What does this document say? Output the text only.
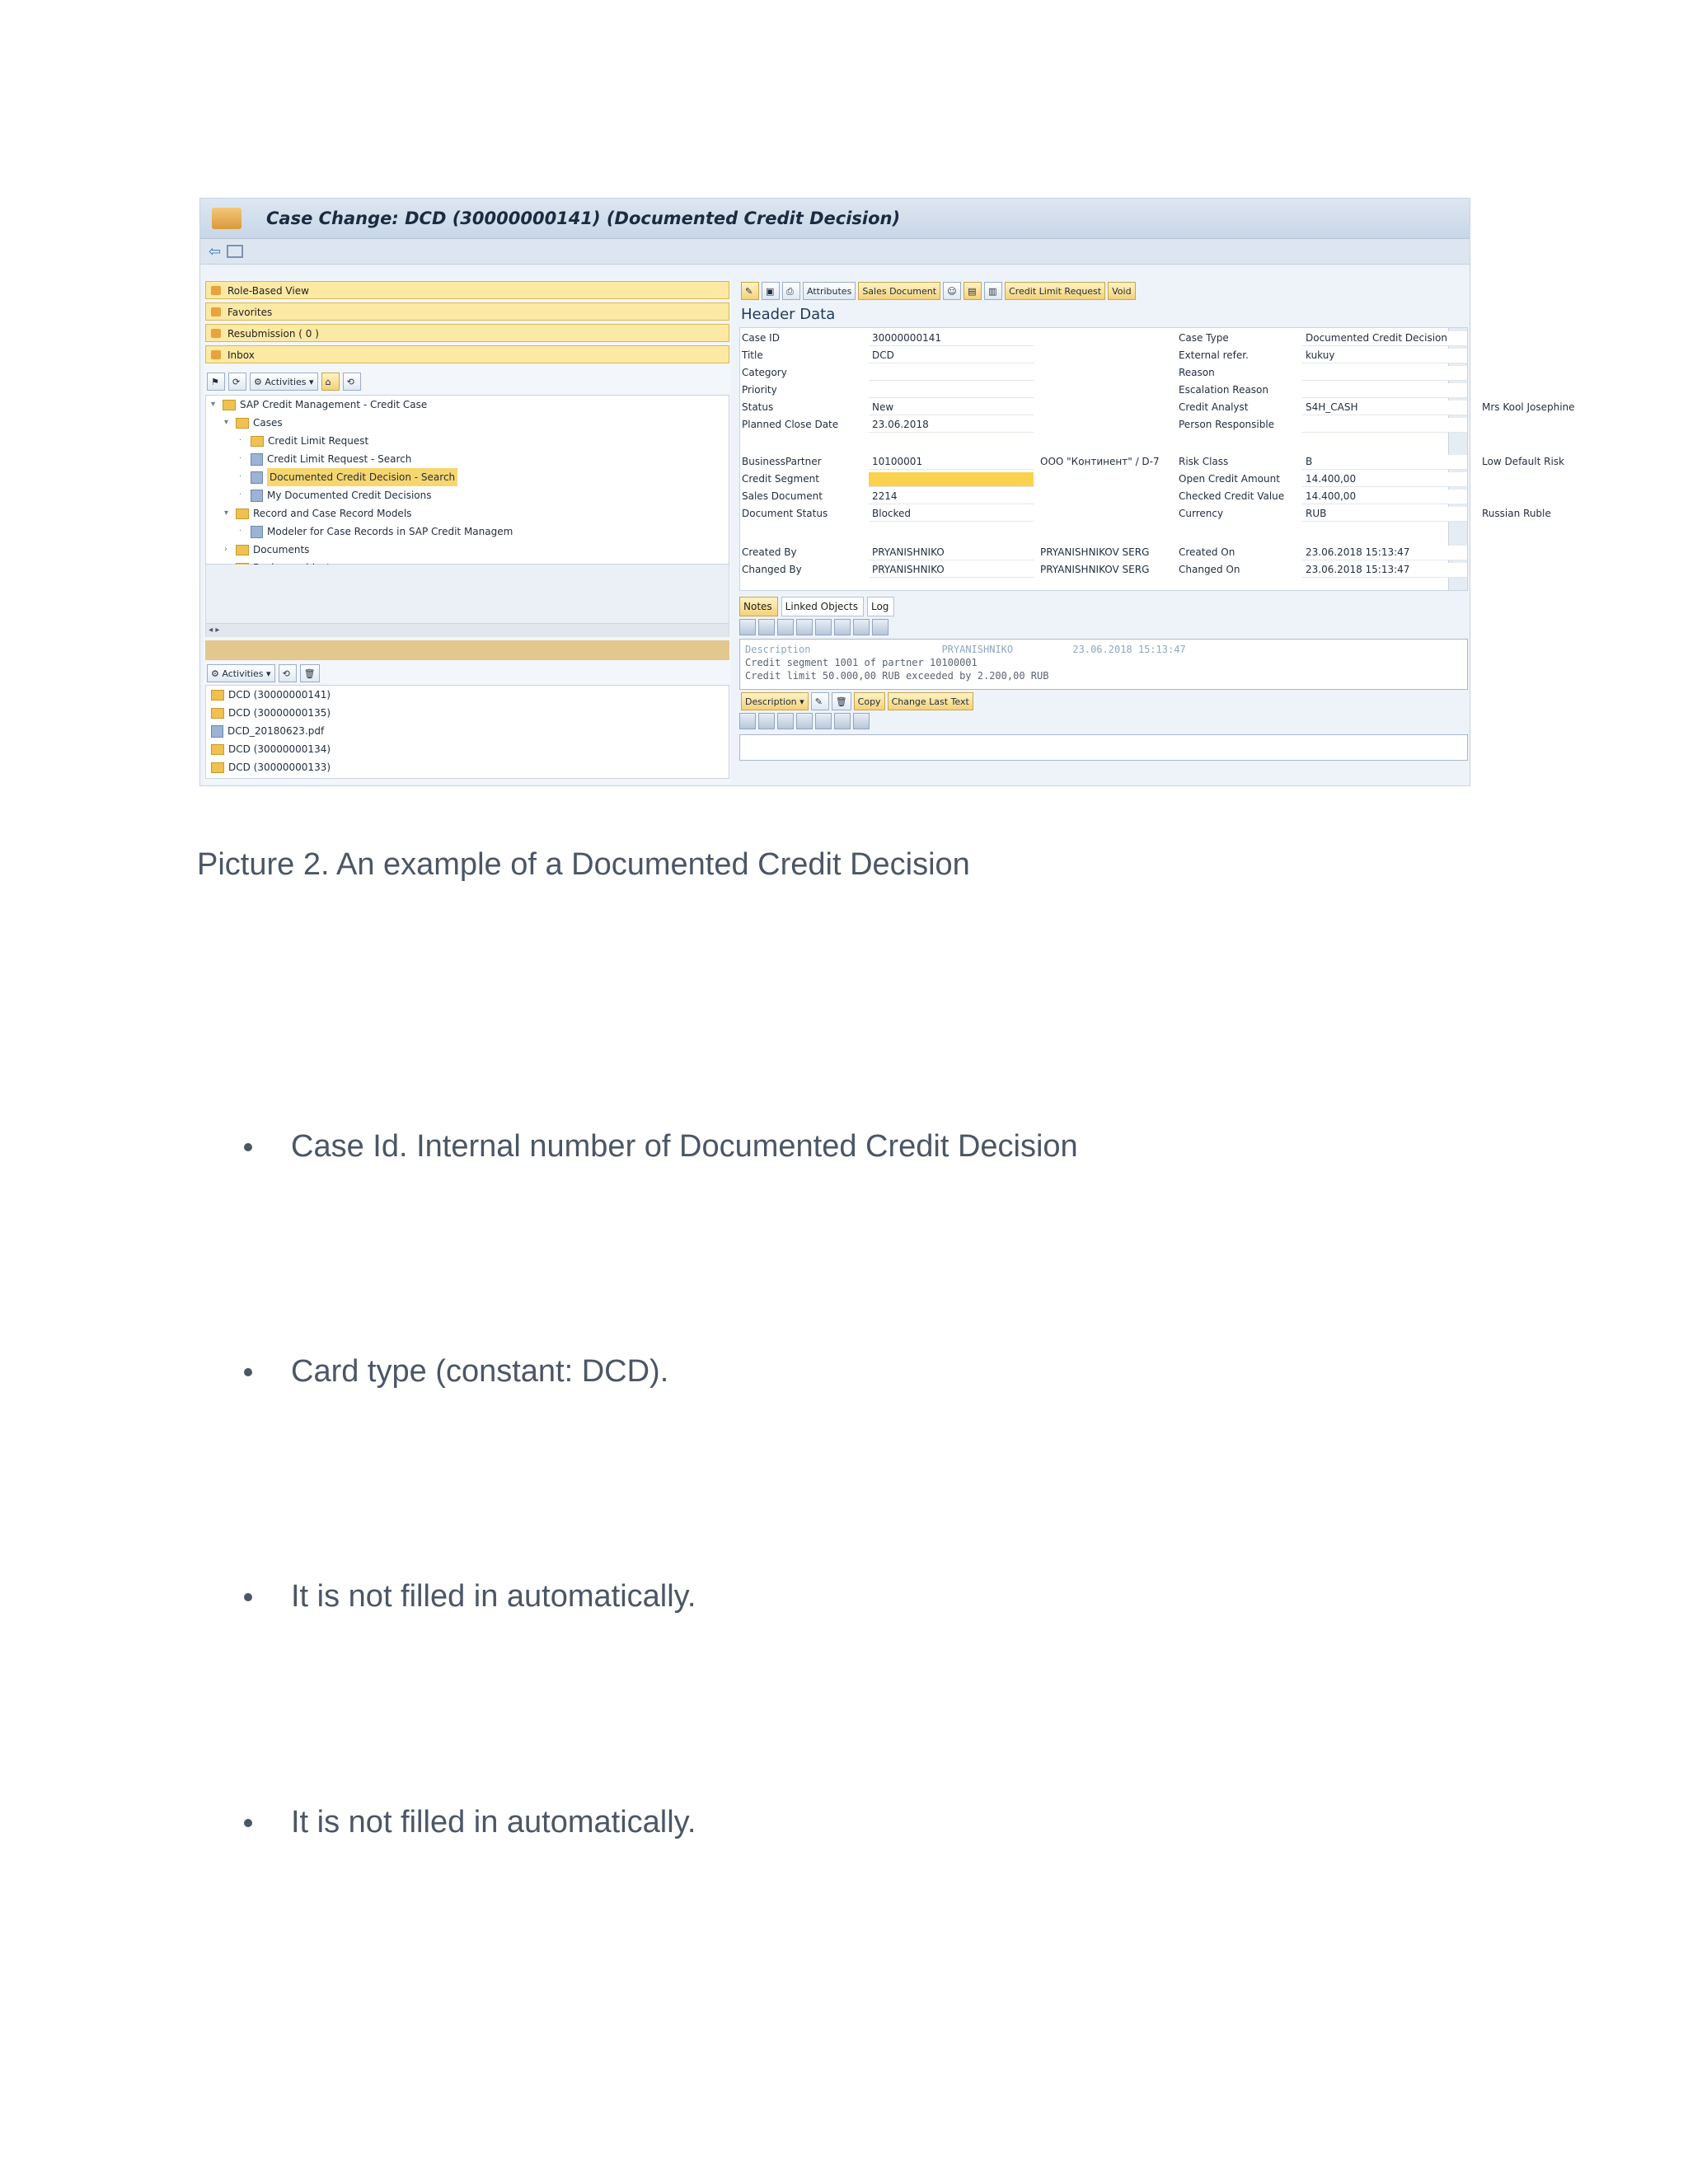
Case Change: DCD (30000000141) (Documented Credit Decision)
⇦
Role-Based View
Favorites
Resubmission ( 0 )
Inbox
⚑	⟳	⚙ Activities ▾	⌂	⟲
▾	SAP Credit Management - Credit Case
▾	Cases
·	Credit Limit Request
·	Credit Limit Request - Search
·	Documented Credit Decision - Search
·	My Documented Credit Decisions
▾	Record and Case Record Models
·	Modeler for Case Records in SAP Credit Managem
›	Documents
◂ ▸
⚙ Activities ▾	⟲	🗑
DCD (30000000141)
DCD (30000000135)
DCD_20180623.pdf
DCD (30000000134)
DCD (30000000133)
✎	▣	⎙	Attributes	Sales Document	☺	▤	▥	Credit Limit Request	Void
Header Data
Case ID	30000000141	Case Type	Documented Credit Decision
Title	DCD	External refer.	kukuy
Category	Reason
Priority	Escalation Reason
Status	New	Credit Analyst	S4H_CASH	Mrs Kool Josephine
Planned Close Date	23.06.2018	Person Responsible
BusinessPartner	10100001	ООО "Континент" / D-7 Risk Class	B	Low Default Risk
Credit Segment	Open Credit Amount	14.400,00
Sales Document	2214	Checked Credit Value 14.400,00
Document Status	Blocked	Currency	RUB	Russian Ruble
Created By	PRYANISHNIKO	PRYANISHNIKOV SERG	Created On	23.06.2018 15:13:47
Changed By	PRYANISHNIKO	PRYANISHNIKOV SERG	Changed On	23.06.2018 15:13:47
Notes	Linked Objects	Log
Description	PRYANISHNIKO	23.06.2018 15:13:47
Credit segment 1001 of partner 10100001
Credit limit 50.000,00 RUB exceeded by 2.200,00 RUB
Description ▾	✎	🗑	Copy	Change Last Text
Picture 2. An example of a Documented Credit Decision
Case Id. Internal number of Documented Credit Decision
Card type (constant: DCD).
It is not filled in automatically.
It is not filled in automatically.
